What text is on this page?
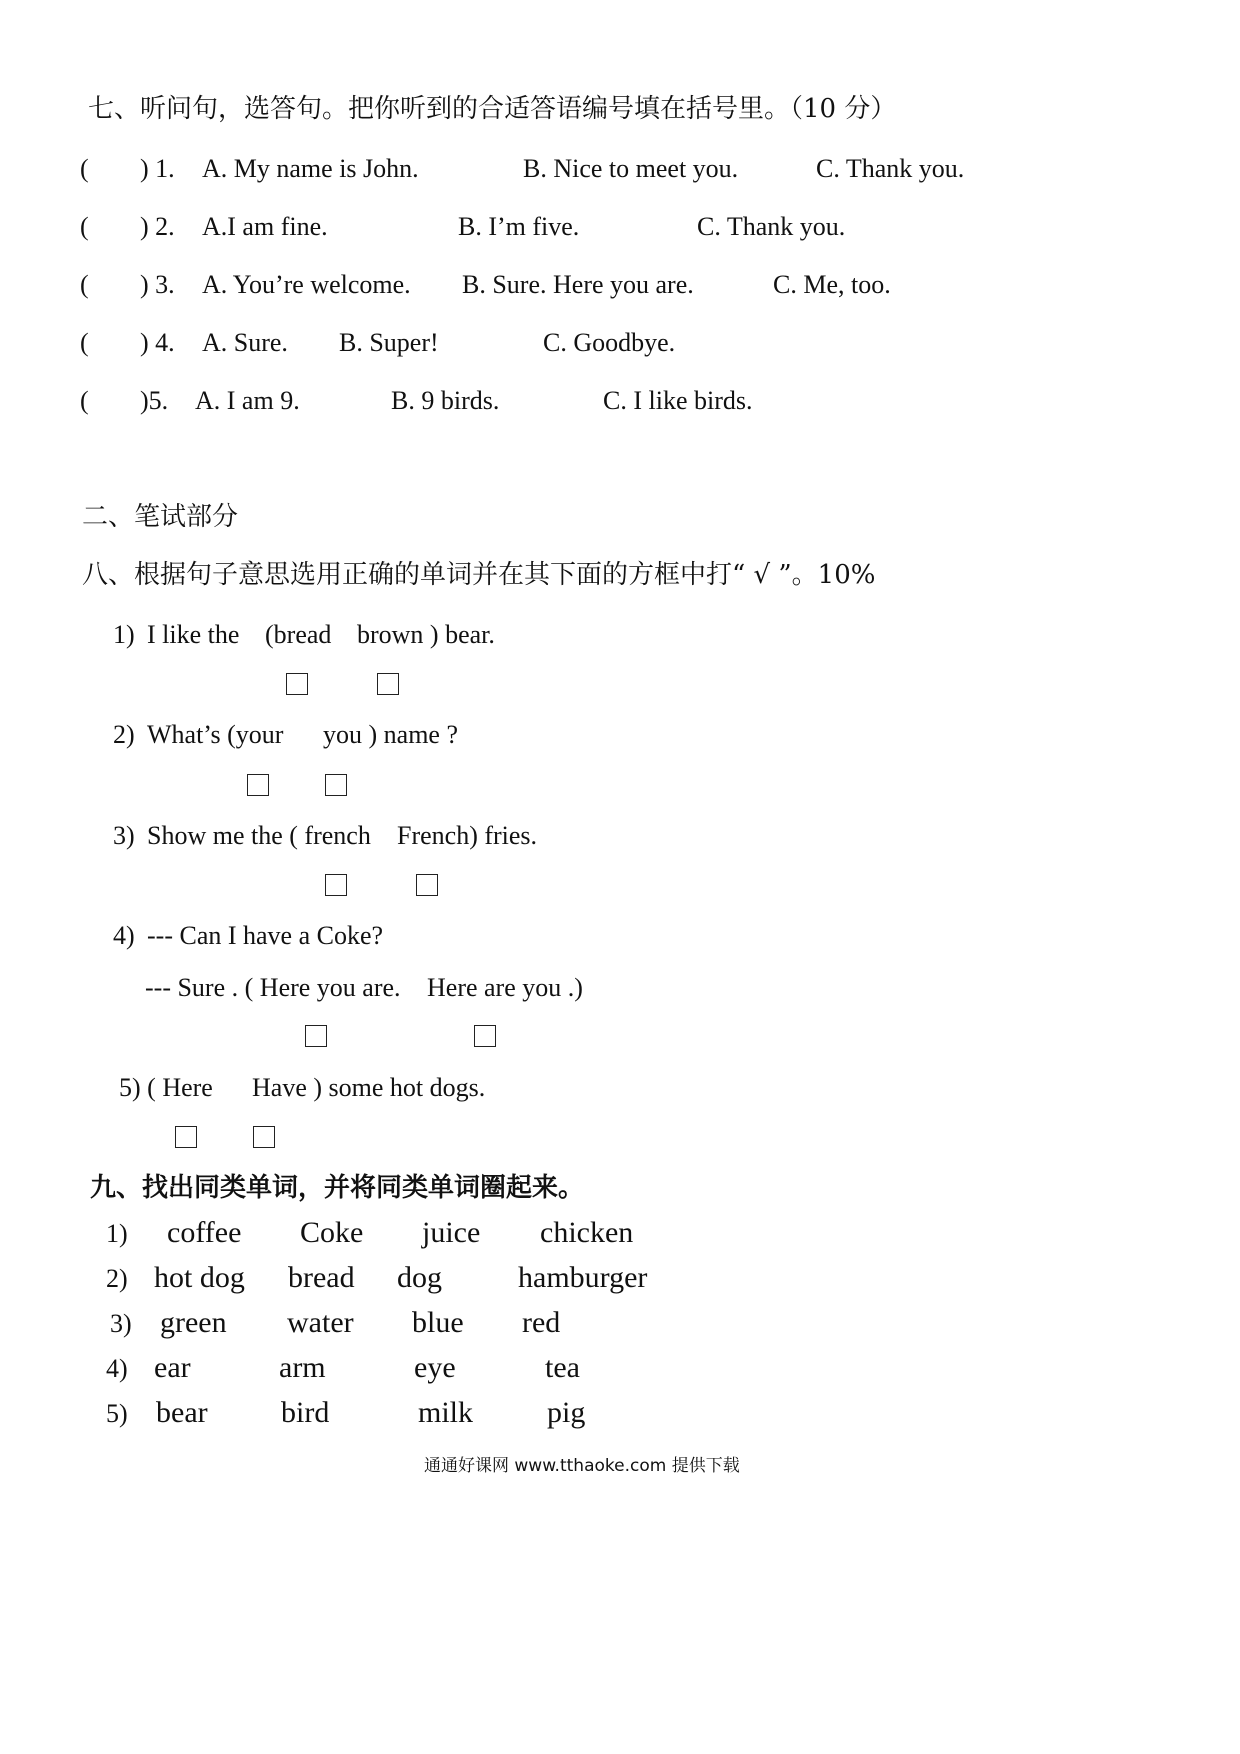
七、听问句，选答句。把你听到的合适答语编号填在括号里。（10 分）
( ) 1. A. My name is John.	B. Nice to meet you.	C. Thank you.
( ) 2. A.I am fine.	B. I’m five.	C. Thank you.
( ) 3. A. You’re welcome. B. Sure. Here you are.	C. Me, too.
( ) 4. A. Sure. B. Super!	C. Goodbye.
( )5. A. I am 9.	B. 9 birds.	C. I like birds.
二、笔试部分
八、根据句子意思选用正确的单词并在其下面的方框中打“ √ ”。10%
1) I like the (bread brown ) bear.
2) What’s (your you ) name ?
3) Show me the ( french French) fries.
4) --- Can I have a Coke?
--- Sure . ( Here you are. Here are you .)
5) ( Here Have ) some hot dogs.
九、找出同类单词，并将同类单词圈起来。
1) coffee Coke juice chicken
2) hot dog bread dog	hamburger
3) green water blue red
4) ear	arm	eye	tea
5) bear bird	milk pig
通通好课网 www.tthaoke.com 提供下载
